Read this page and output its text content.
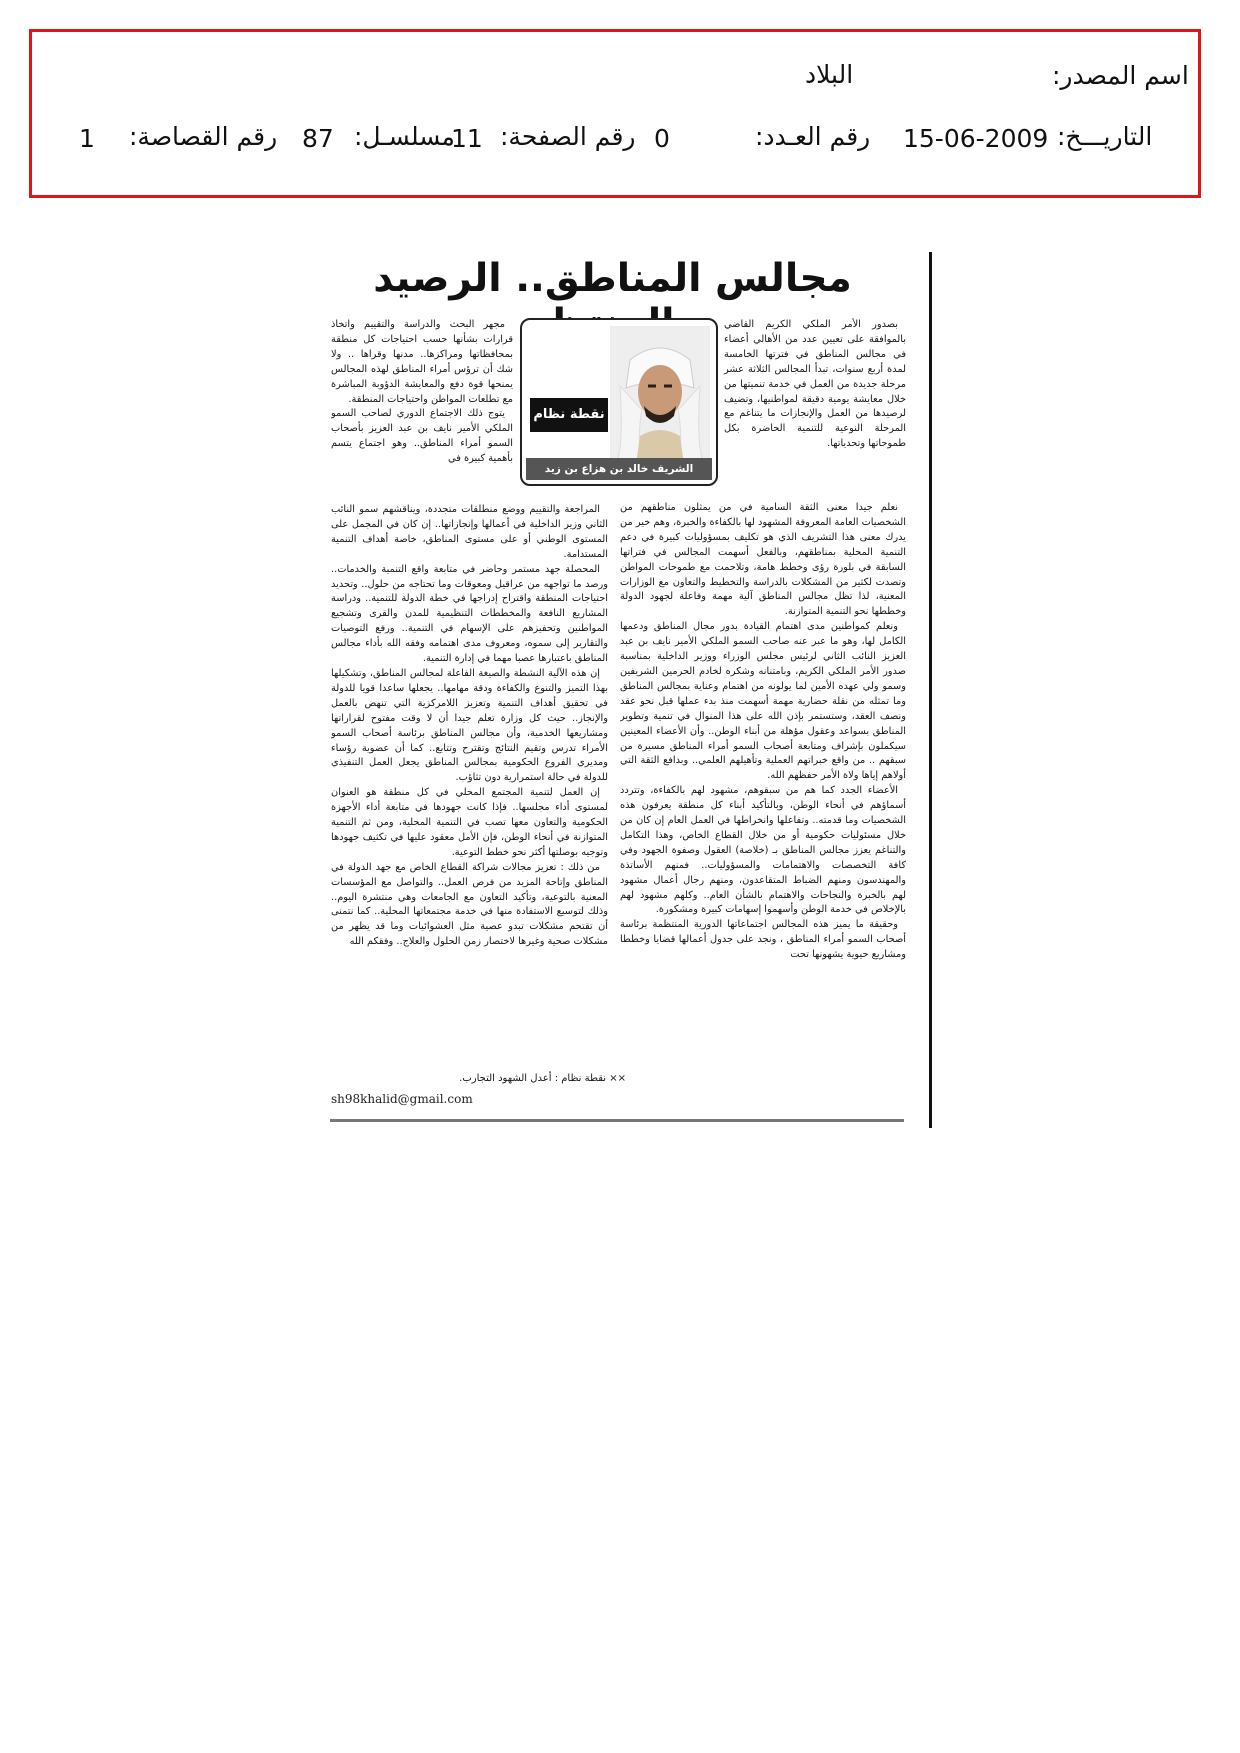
اسم المصدر:
البلاد
التاريـــخ:
15-06-2009
رقم العـدد:
0
رقم الصفحة:
11
مسلسـل:
87
رقم القصاصة:
1
مجالس المناطق.. الرصيد
نقطة نظام
الشريف خالد بن هزاع بن زيد

بصدور الأمر الملكي الكريم القاضي بالموافقة على تعيين عدد من الأهالي أعضاء في مجالس المناطق في فترتها الخامسة لمدة أربع سنوات، تبدأ المجالس الثلاثة عشر مرحلة جديدة من العمل في خدمة تنميتها من خلال معايشة يومية دقيقة لمواطنيها، وتضيف لرصيدها من العمل والإنجازات ما يتناغم مع المرحلة النوعية للتنمية الحاضرة بكل طموحاتها وتحدياتها.

نعلم جيدا معنى الثقة السامية في من يمثلون مناطقهم من الشخصيات العامة المعروفة المشهود لها بالكفاءة والخبرة، وهم خير من يدرك معنى هذا التشريف الذي هو تكليف بمسؤوليات كبيرة في دعم التنمية المحلية بمناطقهم، وبالفعل أسهمت المجالس في فتراتها السابقة في بلورة رؤى وخطط هامة، وتلاحمت مع طموحات المواطن وتصدت لكثير من المشكلات بالدراسة والتخطيط والتعاون مع الوزارات المعنية، لذا تظل مجالس المناطق آلية مهمة وفاعلة لجهود الدولة وخططها نحو التنمية المتوازنة.

ونعلم كمواطنين مدى اهتمام القيادة بدور مجال المناطق ودعمها الكامل لها، وهو ما عبر عنه صاحب السمو الملكي الأمير نايف بن عبد العزيز النائب الثاني لرئيس مجلس الوزراء ووزير الداخلية بمناسبة صدور الأمر الملكي الكريم، وبامتنانه وشكره لخادم الحرمين الشريفين وسمو ولي عهده الأمين لما يولونه من اهتمام وعناية بمجالس المناطق وما تمثله من نقلة حضارية مهمة أسهمت منذ بدء عملها قبل نحو عقد ونصف العقد، وستستمر بإذن الله على هذا المنوال في تنمية وتطوير المناطق بسواعد وعقول مؤهلة من أبناء الوطن.. وأن الأعضاء المعينين سيكملون بإشراف ومتابعة أصحاب السمو أمراء المناطق مسيرة من سبقهم .. من واقع خبراتهم العملية وتأهيلهم العلمي.. وبدافع الثقة التي أولاهم إياها ولاة الأمر حفظهم الله.

الأعضاء الجدد كما هم من سبقوهم، مشهود لهم بالكفاءة، وتتردد أسماؤهم في أنحاء الوطن، وبالتأكيد أبناء كل منطقة يعرفون هذه الشخصيات وما قدمته.. وتفاعلها وانخراطها في العمل العام إن كان من خلال مسئوليات حكومية أو من خلال القطاع الخاص، وهذا التكامل والتناغم يعزز مجالس المناطق بـ (خلاصة) العقول وصفوة الجهود وفي كافة التخصصات والاهتمامات والمسؤوليات.. فمنهم الأساتذة والمهندسون ومنهم الضباط المتقاعدون، ومنهم رجال أعمال مشهود لهم بالخبرة والنجاحات والاهتمام بالشأن العام.. وكلهم مشهود لهم بالإخلاص في خدمة الوطن وأسهموا إسهامات كبيرة ومشكورة.

وحقيقة ما يميز هذه المجالس اجتماعاتها الدورية المنتظمة برئاسة أصحاب السمو أمراء المناطق ، ونجد على جدول أعمالها قضايا وخططا ومشاريع حيوية يشهونها تحت

مجهر البحث والدراسة والتقييم واتخاذ قرارات بشأنها حسب احتياجات كل منطقة بمحافظاتها ومراكزها.. مدنها وقراها .. ولا شك أن ترؤس أمراء المناطق لهذه المجالس يمنحها قوة دفع والمعايشة الدؤوبة المباشرة مع تطلعات المواطن واحتياجات المنطقة.

يتوج ذلك الاجتماع الدوري لصاحب السمو الملكي الأمير نايف بن عبد العزيز بأصحاب السمو أمراء المناطق.. وهو اجتماع يتسم بأهمية كبيرة في

المراجعة والتقييم ووضع منطلقات متجددة، ويناقشهم سمو النائب الثاني وزير الداخلية في أعمالها وإنجازاتها.. إن كان في المجمل على المستوى الوطني أو على مستوى المناطق، خاصة أهداف التنمية المستدامة.

المحصلة جهد مستمر وحاضر في متابعة واقع التنمية والخدمات.. ورصد ما تواجهه من عراقيل ومعوقات وما تحتاجه من حلول.. وتحديد احتياجات المنطقة واقتراح إدراجها في خطة الدولة للتنمية.. ودراسة المشاريع النافعة والمخططات التنظيمية للمدن والقرى وتشجيع المواطنين وتحفيزهم على الإسهام في التنمية.. ورفع التوصيات والتقارير إلى سموه، ومعروف مدى اهتمامه وفقه الله بأداء مجالس المناطق باعتبارها عصبا مهما في إدارة التنمية.

إن هذه الآلية النشطة والصيغة الفاعلة لمجالس المناطق، وتشكيلها بهذا التميز والتنوع والكفاءة ودقة مهامها.. يجعلها ساعدا قويا للدولة في تحقيق أهداف التنمية وتعزيز اللامركزية التي تنهض بالعمل والإنجاز.. حيث كل وزارة تعلم جيدا أن لا وقت مفتوح لقراراتها ومشاريعها الخدمية، وأن مجالس المناطق برئاسة أصحاب السمو الأمراء تدرس وتقيم النتائج وتقترح وتتابع.. كما أن عضوية رؤساء ومديري الفروع الحكومية بمجالس المناطق يجعل العمل التنفيذي للدولة في حالة استمرارية دون تثاؤب.

إن العمل لتنمية المجتمع المحلي في كل منطقة هو العنوان لمستوى أداء مجلسها.. فإذا كانت جهودها في متابعة أداء الأجهزة الحكومية والتعاون معها تصب في التنمية المحلية، ومن ثم التنمية المتوازنة في أنحاء الوطن، فإن الأمل معقود عليها في تكثيف جهودها وتوجيه بوصلتها أكثر نحو خطط التوعية.

من ذلك : تعزيز مجالات شراكة القطاع الخاص مع جهد الدولة في المناطق وإتاحة المزيد من فرص العمل.. والتواصل مع المؤسسات المعنية بالتوعية، وتأكيد التعاون مع الجامعات وهي منتشرة اليوم.. وذلك لتوسيع الاستفادة منها في خدمة مجتمعاتها المحلية.. كما نتمنى أن تقتحم مشكلات تبدو عصية مثل العشوائيات وما قد يظهر من مشكلات صحية وغيرها لاختصار زمن الحلول والعلاج.. وفقكم الله

×× نقطة نظام : أعدل الشهود التجارب.
sh98khalid@gmail.com
